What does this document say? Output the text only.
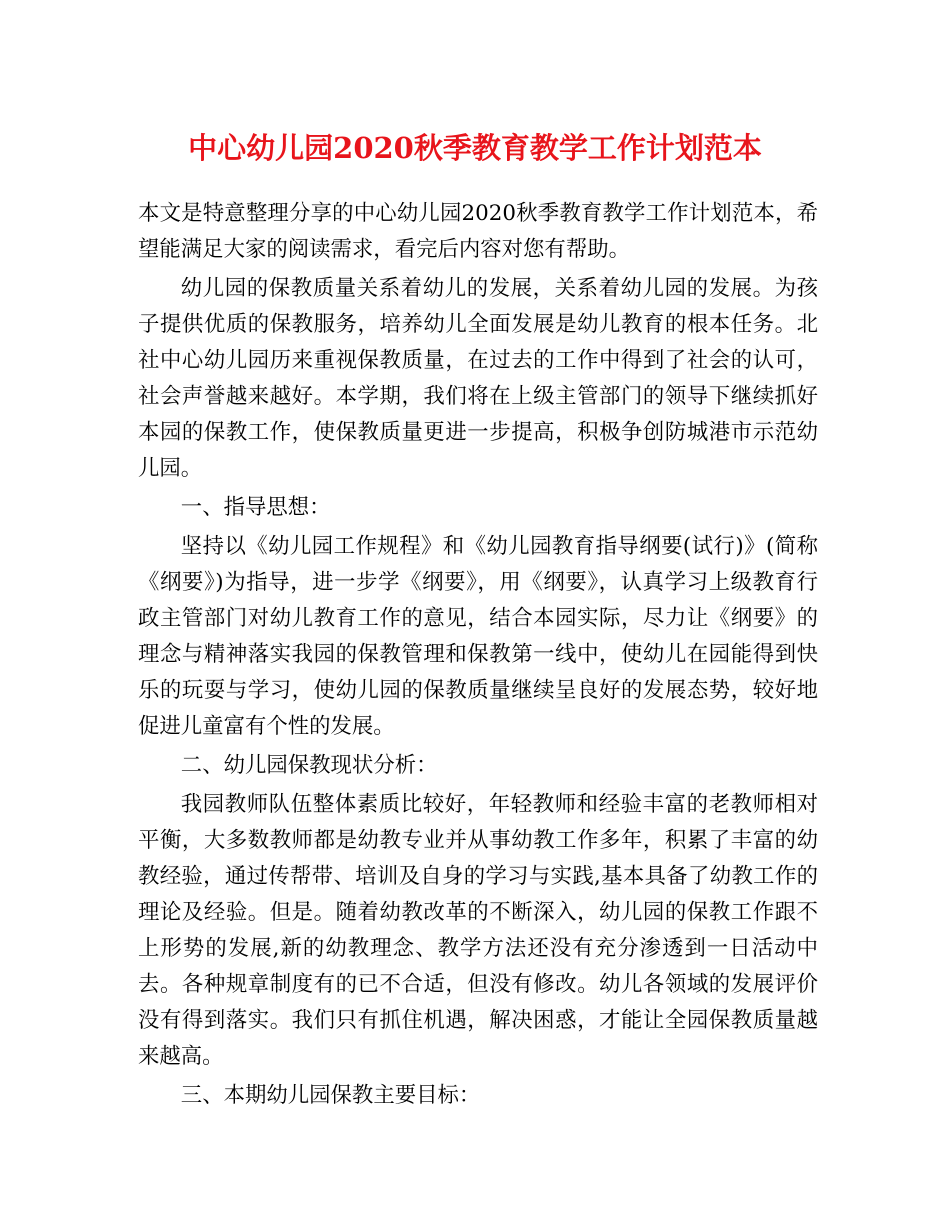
中心幼儿园2020秋季教育教学工作计划范本

本文是特意整理分享的中心幼儿园2020秋季教育教学工作计划范本，希望能满足大家的阅读需求，看完后内容对您有帮助。

幼儿园的保教质量关系着幼儿的发展，关系着幼儿园的发展。为孩子提供优质的保教服务，培养幼儿全面发展是幼儿教育的根本任务。北社中心幼儿园历来重视保教质量，在过去的工作中得到了社会的认可，社会声誉越来越好。本学期，我们将在上级主管部门的领导下继续抓好本园的保教工作，使保教质量更进一步提高，积极争创防城港市示范幼儿园。

一、指导思想：

坚持以《幼儿园工作规程》和《幼儿园教育指导纲要(试行)》(简称《纲要》)为指导，进一步学《纲要》，用《纲要》，认真学习上级教育行政主管部门对幼儿教育工作的意见，结合本园实际，尽力让《纲要》的理念与精神落实我园的保教管理和保教第一线中，使幼儿在园能得到快乐的玩耍与学习，使幼儿园的保教质量继续呈良好的发展态势，较好地促进儿童富有个性的发展。

二、幼儿园保教现状分析：

我园教师队伍整体素质比较好，年轻教师和经验丰富的老教师相对平衡，大多数教师都是幼教专业并从事幼教工作多年，积累了丰富的幼教经验，通过传帮带、培训及自身的学习与实践,基本具备了幼教工作的理论及经验。但是。随着幼教改革的不断深入，幼儿园的保教工作跟不上形势的发展,新的幼教理念、教学方法还没有充分渗透到一日活动中去。各种规章制度有的已不合适，但没有修改。幼儿各领域的发展评价没有得到落实。我们只有抓住机遇，解决困惑，才能让全园保教质量越来越高。

三、本期幼儿园保教主要目标：
